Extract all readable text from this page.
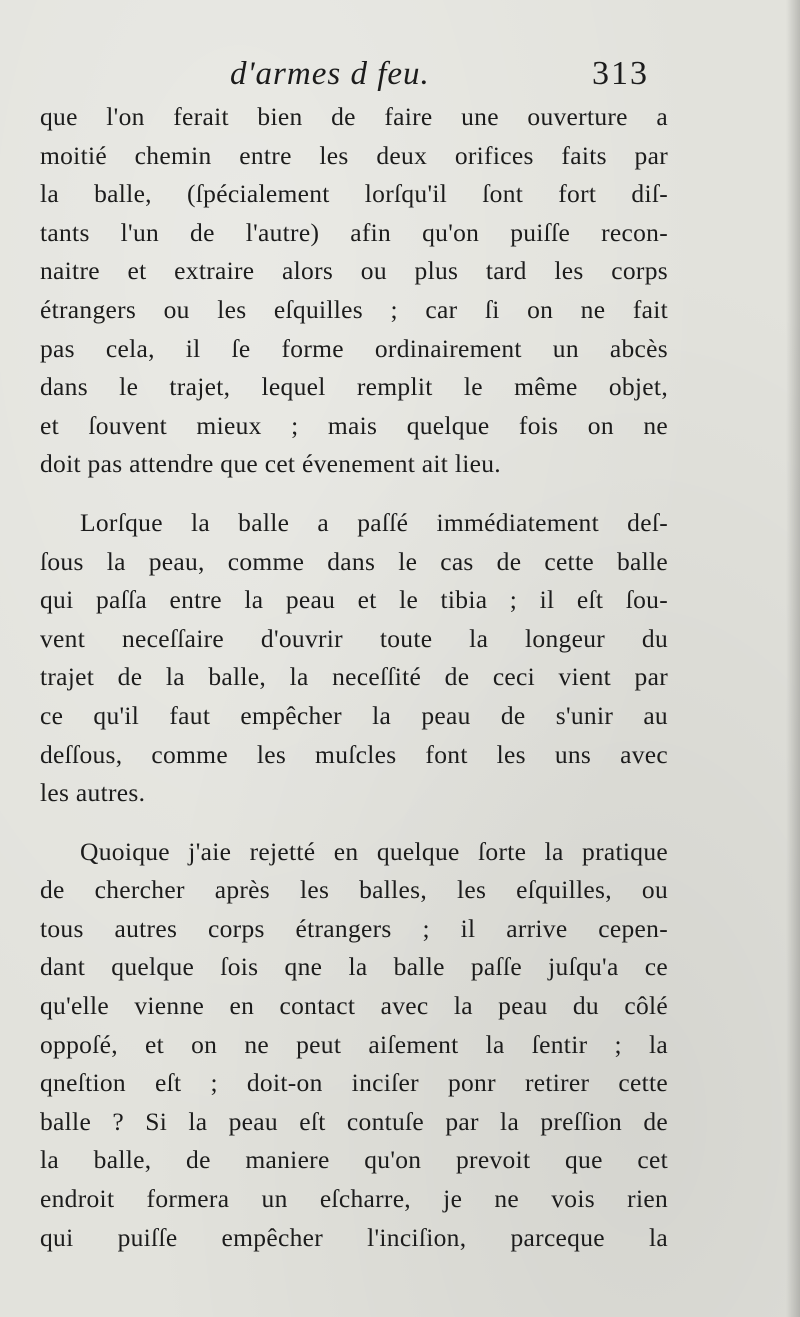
d'armes d feu.	313

que l'on ferait bien de faire une ouverture a
moitié chemin entre les deux orifices faits par
la balle, (ſpécialement lorſqu'il ſont fort diſ-
tants l'un de l'autre) afin qu'on puiſſe recon-
naitre et extraire alors ou plus tard les corps
étrangers ou les eſquilles ; car ſi on ne fait
pas cela, il ſe forme ordinairement un abcès
dans le trajet, lequel remplit le même objet,
et ſouvent mieux ; mais quelque fois on ne
doit pas attendre que cet évenement ait lieu.

Lorſque la balle a paſſé immédiatement deſ-
ſous la peau, comme dans le cas de cette balle
qui paſſa entre la peau et le tibia ; il eſt ſou-
vent neceſſaire d'ouvrir toute la longeur du
trajet de la balle, la neceſſité de ceci vient par
ce qu'il faut empêcher la peau de s'unir au
deſſous, comme les muſcles font les uns avec
les autres.

Quoique j'aie rejetté en quelque ſorte la pratique
de chercher après les balles, les eſquilles, ou
tous autres corps étrangers ; il arrive cepen-
dant quelque ſois qne la balle paſſe juſqu'a ce
qu'elle vienne en contact avec la peau du côlé
oppoſé, et on ne peut aiſement la ſentir ; la
qneſtion eſt ; doit-on inciſer ponr retirer cette
balle ? Si la peau eſt contuſe par la preſſion de
la balle, de maniere qu'on prevoit que cet
endroit formera un eſcharre, je ne vois rien
qui puiſſe empêcher l'inciſion, parceque la
